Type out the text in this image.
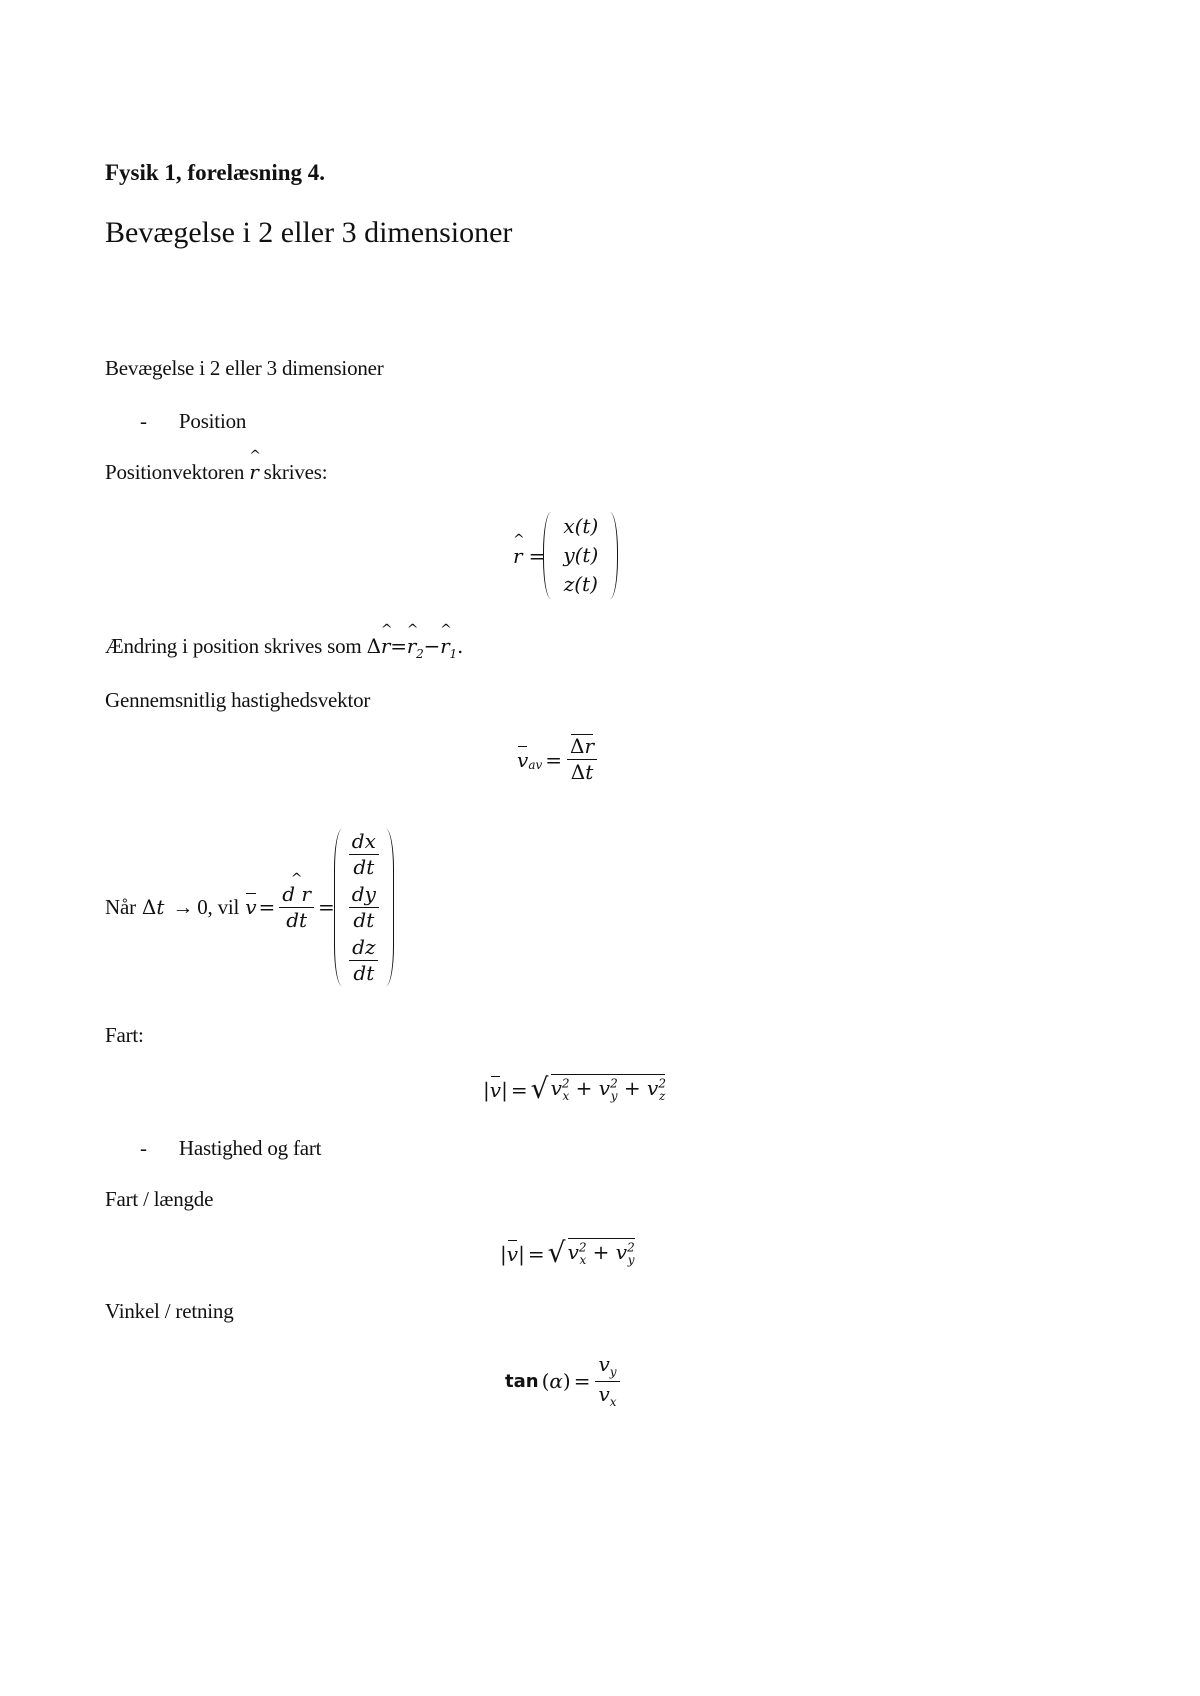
Fysik 1, forelæsning 4.
Bevægelse i 2 eller 3 dimensioner
Bevægelse i 2 eller 3 dimensioner
- Position
Positionvektoren ^ r skrives:
^ r =
x(t)
y(t)
z(t)
Ændring i position skrives som Δ^ r=^ $r_2-\^{}$ $r_1$.
Gennemsnitlig hastighedsvektor
$v_{av} = \frac{\Delta r}{\Delta t}$
Når Δt → 0, vil v = ^ $\frac{\text{d r}}{dt}$ =
$\frac{dx}{dt}$
$\frac{dy}{dt}$
$\frac{dz}{dt}$
Fart:
| v | =	√ $v^2_x + v^2_y + v^2_z$
- Hastighed og fart
Fart / længde
| v | =	√ $v^2_x + v^2_y$
Vinkel / retning
tan ( α ) = $\frac{v_y}{v_x}$
